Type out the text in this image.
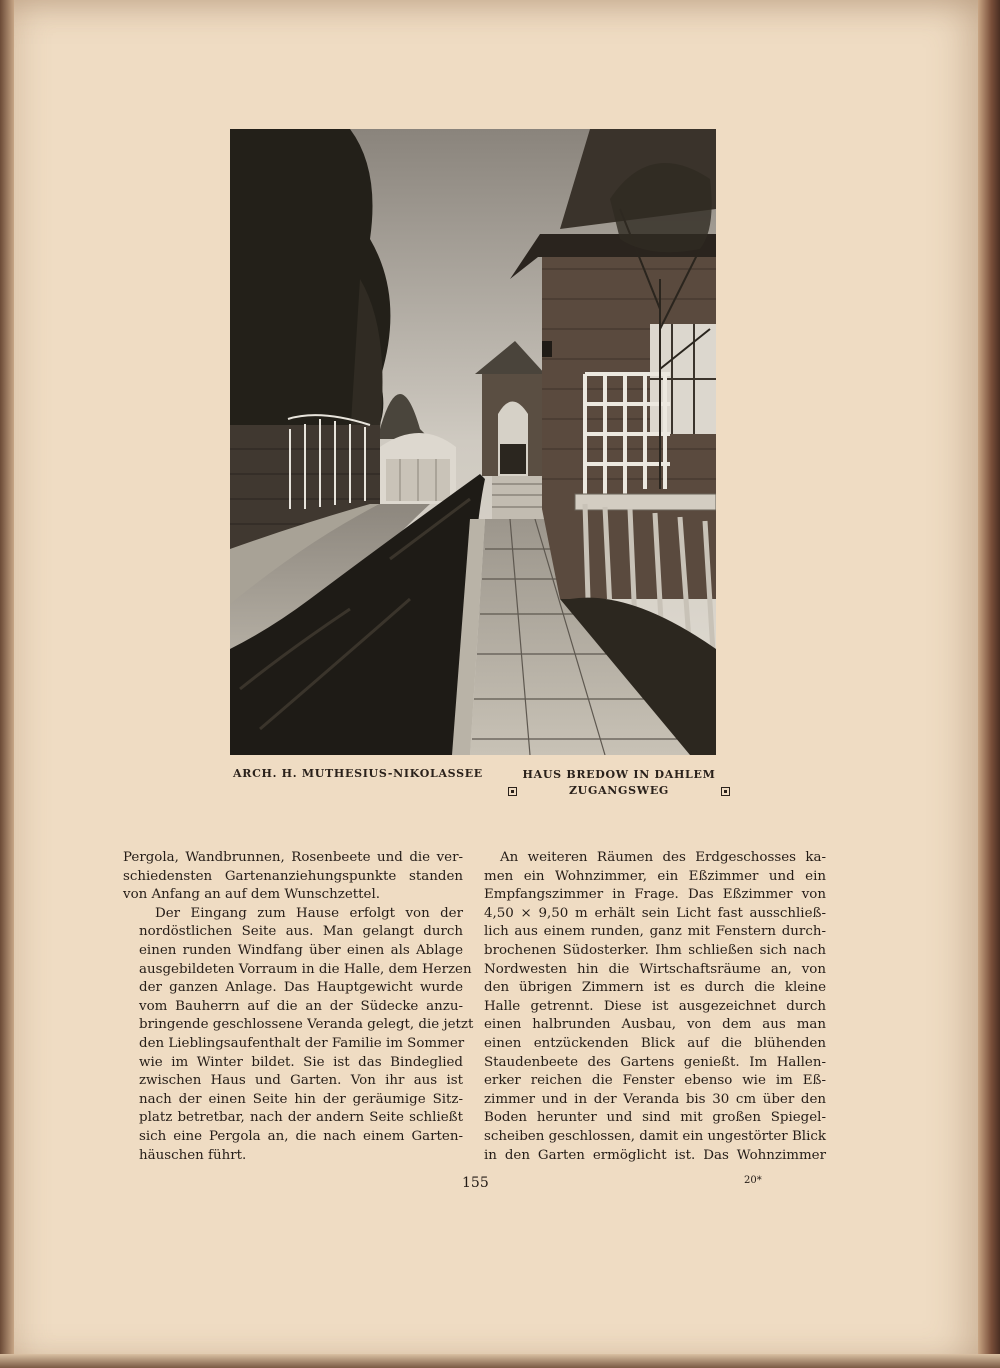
ARCH. H. MUTHESIUS-NIKOLASSEE	HAUS BREDOW IN DAHLEM
ZUGANGSWEG

Pergola, Wandbrunnen, Rosenbeete und die ver-
schiedensten Gartenanziehungspunkte standen
von Anfang an auf dem Wunschzettel.

Der Eingang zum Hause erfolgt von der
nordöstlichen Seite aus. Man gelangt durch
einen runden Windfang über einen als Ablage
ausgebildeten Vorraum in die Halle, dem Herzen
der ganzen Anlage. Das Hauptgewicht wurde
vom Bauherrn auf die an der Südecke anzu-
bringende geschlossene Veranda gelegt, die jetzt
den Lieblingsaufenthalt der Familie im Sommer
wie im Winter bildet. Sie ist das Bindeglied
zwischen Haus und Garten. Von ihr aus ist
nach der einen Seite hin der geräumige Sitz-
platz betretbar, nach der andern Seite schließt
sich eine Pergola an, die nach einem Garten-
häuschen führt.

An weiteren Räumen des Erdgeschosses ka-
men ein Wohnzimmer, ein Eßzimmer und ein
Empfangszimmer in Frage. Das Eßzimmer von
4,50 × 9,50 m erhält sein Licht fast ausschließ-
lich aus einem runden, ganz mit Fenstern durch-
brochenen Südosterker. Ihm schließen sich nach
Nordwesten hin die Wirtschaftsräume an, von
den übrigen Zimmern ist es durch die kleine
Halle getrennt. Diese ist ausgezeichnet durch
einen halbrunden Ausbau, von dem aus man
einen entzückenden Blick auf die blühenden
Staudenbeete des Gartens genießt. Im Hallen-
erker reichen die Fenster ebenso wie im Eß-
zimmer und in der Veranda bis 30 cm über den
Boden herunter und sind mit großen Spiegel-
scheiben geschlossen, damit ein ungestörter Blick
in den Garten ermöglicht ist. Das Wohnzimmer

155	20*
